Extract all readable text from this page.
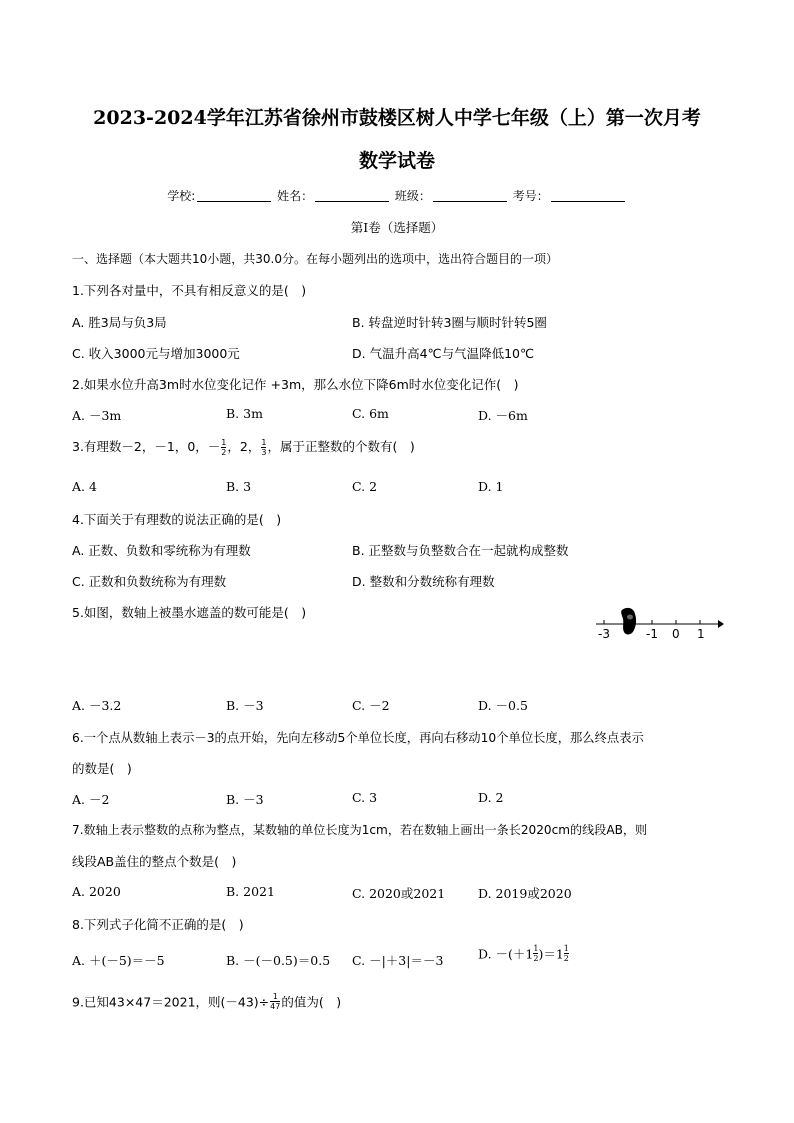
2023-2024学年江苏省徐州市鼓楼区树人中学七年级（上）第一次月考
数学试卷
学校:	姓名：	班级：	考号：
第I卷（选择题）
一、选择题（本大题共10小题，共30.0分。在每小题列出的选项中，选出符合题目的一项）
1.下列各对量中，不具有相反意义的是(　)
A. 胜3局与负3局	B. 转盘逆时针转3圈与顺时针转5圈
C. 收入3000元与增加3000元	D. 气温升高4℃与气温降低10℃
2.如果水位升高3m时水位变化记作 +3m，那么水位下降6m时水位变化记作(　)
A. －3m	B. 3m	C. 6m	D. －6m
3.有理数－2，－1，0，－ $\frac{1}{2}$ ，2， $\frac{1}{3}$ ，属于正整数的个数有(　)
A. 4	B. 3	C. 2	D. 1
4.下面关于有理数的说法正确的是(　)
A. 正数、负数和零统称为有理数	B. 正整数与负整数合在一起就构成整数
C. 正数和负数统称为有理数	D. 整数和分数统称有理数
5.如图，数轴上被墨水遮盖的数可能是(　)
-3	-1 0 1
A. －3.2	B. －3	C. －2	D. －0.5
6.一个点从数轴上表示－3的点开始，先向左移动5个单位长度，再向右移动10个单位长度，那么终点表示
的数是(　)
A. －2	B. －3	C. 3	D. 2
7.数轴上表示整数的点称为整点，某数轴的单位长度为1cm，若在数轴上画出一条长2020cm的线段AB，则
线段AB盖住的整点个数是(　)
A. 2020	B. 2021	C. 2020或2021	D. 2019或2020
8.下列式子化简不正确的是(　)
A. ＋(－5)＝－5	B. －(－0.5)＝0.5 C. －|＋3|＝－3	D. $-(+1 \frac{1}{2} )=1 \frac{1}{2}$
9.已知43×47＝2021，则$(-43)\div \frac{1}{47}$ 的值为(　)
